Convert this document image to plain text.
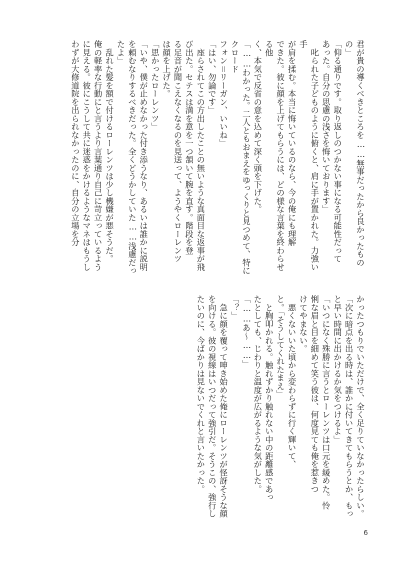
君が貴の導くべきところを……無事だったから良かったもの

の」

「仰る通りです。取り返しのつかない事になる可能性だって

あった。自分の思慮の浅さを悔いております」

　叱られた子どものように俯くと、肩に手が置かれた。力強い手

が肩を揉む。本当に悔いているのなら、今の俺にも理解

できた。彼に顔を上げてもらうには、どの様な言葉を終わらせる他

く、本気で反省の意を込めて深く頭を下げた。

「……わかった。二人ともおまえをゆっくりと見つめて、特にクロード

フォン＝リーガン、いいね」

「はい、勿論です」

　座らされてこの方出したことの無いような真面目な返事が飛

び出た。セテスは満を意を一つ頷いて腕を直す。階段を登

る足音が聞こえなくなるのを見送って、ようやくローレンツ

は顔を上げた。

「思かったローレンツ」

「いや、僕が止めなかった付き添うなり、あるいは誰かに説明

を頼むなりするべきだった。全くどうかしていた……浅慮だっ

たよ」

　乱れた髪を額で付けるローレンツは少し機嫌が悪そうだ。

俺の軽率な行動にと言うより言葉通り自己に苛立っているよう

に見える。彼にこうして共に迷惑をかけるようなマネはもうし

わずが大修道院を出られなかったのに、自分の立場を分

かったつもりでいただけで、全く足りていなかったらしい。

「次に暗点を出る時は、誰かに付いてきてもらうとか、もっ

と早い時間に出かけるか気をつけるよ」

「いつになく殊勝に言うとローレンツは口元を緩めた。怜

悧な眉と目を細めて笑う彼は、何度見ても俺を惹きつ

けてやまない。

　悪くないいた頃から変わらずに行く輝いて、

と。「そうしてくれたまえ」

　と胸叩かれる。触れずかり触れない中の距離感であっ

たとしても、じわりと温度が広がるような気がした。

「……あ〜……」

「？」

　急に顔を覆って呻き始めた俺にローレンツが怪訝そうな顔

を向ける。彼の視線はいつだって強引だ。そうこの、強行し

たいのに、今ばかりは見ないでくれと言いたかった。

6
